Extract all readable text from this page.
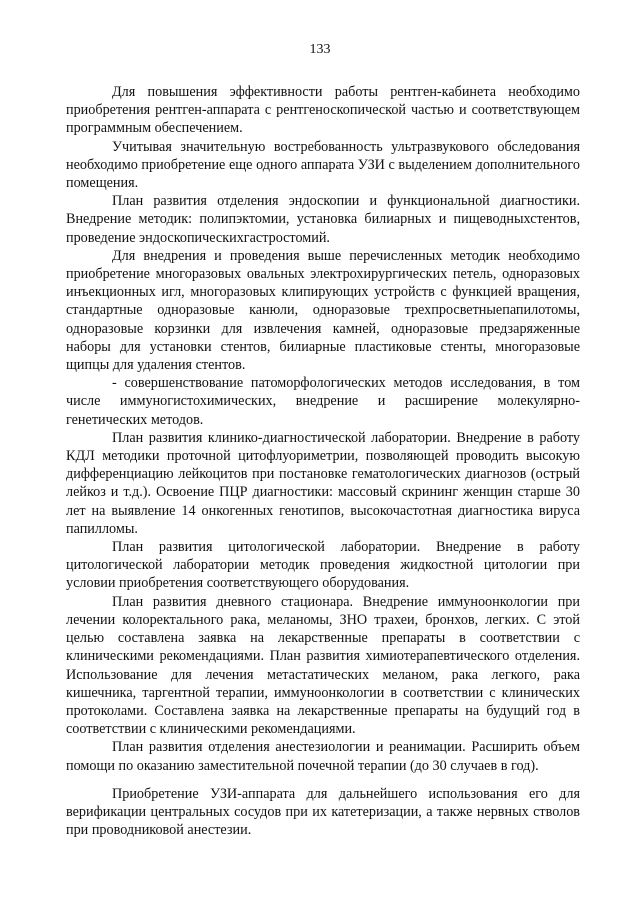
133

Для повышения эффективности работы рентген-кабинета необходимо приобретения рентген-аппарата с рентгеноскопической частью и соответствующем программным обеспечением.

Учитывая значительную востребованность ультразвукового обследования необходимо приобретение еще одного аппарата УЗИ с выделением дополнительного помещения.

План развития отделения эндоскопии и функциональной диагностики. Внедрение методик: полипэктомии, установка билиарных и пищеводныхстентов, проведение эндоскопическихгастростомий.

Для внедрения и проведения выше перечисленных методик необходимо приобретение многоразовых овальных электрохирургических петель, одноразовых инъекционных игл, многоразовых клипирующих устройств с функцией вращения, стандартные одноразовые канюли, одноразовые трехпросветныепапилотомы, одноразовые корзинки для извлечения камней, одноразовые предзаряженные наборы для установки стентов, билиарные пластиковые стенты, многоразовые щипцы для удаления стентов.

- совершенствование патоморфологических методов исследования, в том числе иммуногистохимических, внедрение и расширение молекулярно-генетических методов.

План развития клинико-диагностической лаборатории. Внедрение в работу КДЛ методики проточной цитофлуориметрии, позволяющей проводить высокую дифференциацию лейкоцитов при постановке гематологических диагнозов (острый лейкоз и т.д.). Освоение ПЦР диагностики: массовый скрининг женщин старше 30 лет на выявление 14 онкогенных генотипов, высокочастотная диагностика вируса папилломы.

План развития цитологической лаборатории. Внедрение в работу цитологической лаборатории методик проведения жидкостной цитологии при условии приобретения соответствующего оборудования.

План развития дневного стационара. Внедрение иммуноонкологии при лечении колоректального рака, меланомы, ЗНО трахеи, бронхов, легких. С этой целью составлена заявка на лекарственные препараты в соответствии с клиническими рекомендациями. План развития химиотерапевтического отделения. Использование для лечения метастатических меланом, рака легкого, рака кишечника, таргентной терапии, иммуноонкологии в соответствии с клинических протоколами. Составлена заявка на лекарственные препараты на будущий год в соответствии с клиническими рекомендациями.

План развития отделения анестезиологии и реанимации. Расширить объем помощи по оказанию заместительной почечной терапии (до 30 случаев в год).

Приобретение УЗИ-аппарата для дальнейшего использования его для верификации центральных сосудов при их катетеризации, а также нервных стволов при проводниковой анестезии.
